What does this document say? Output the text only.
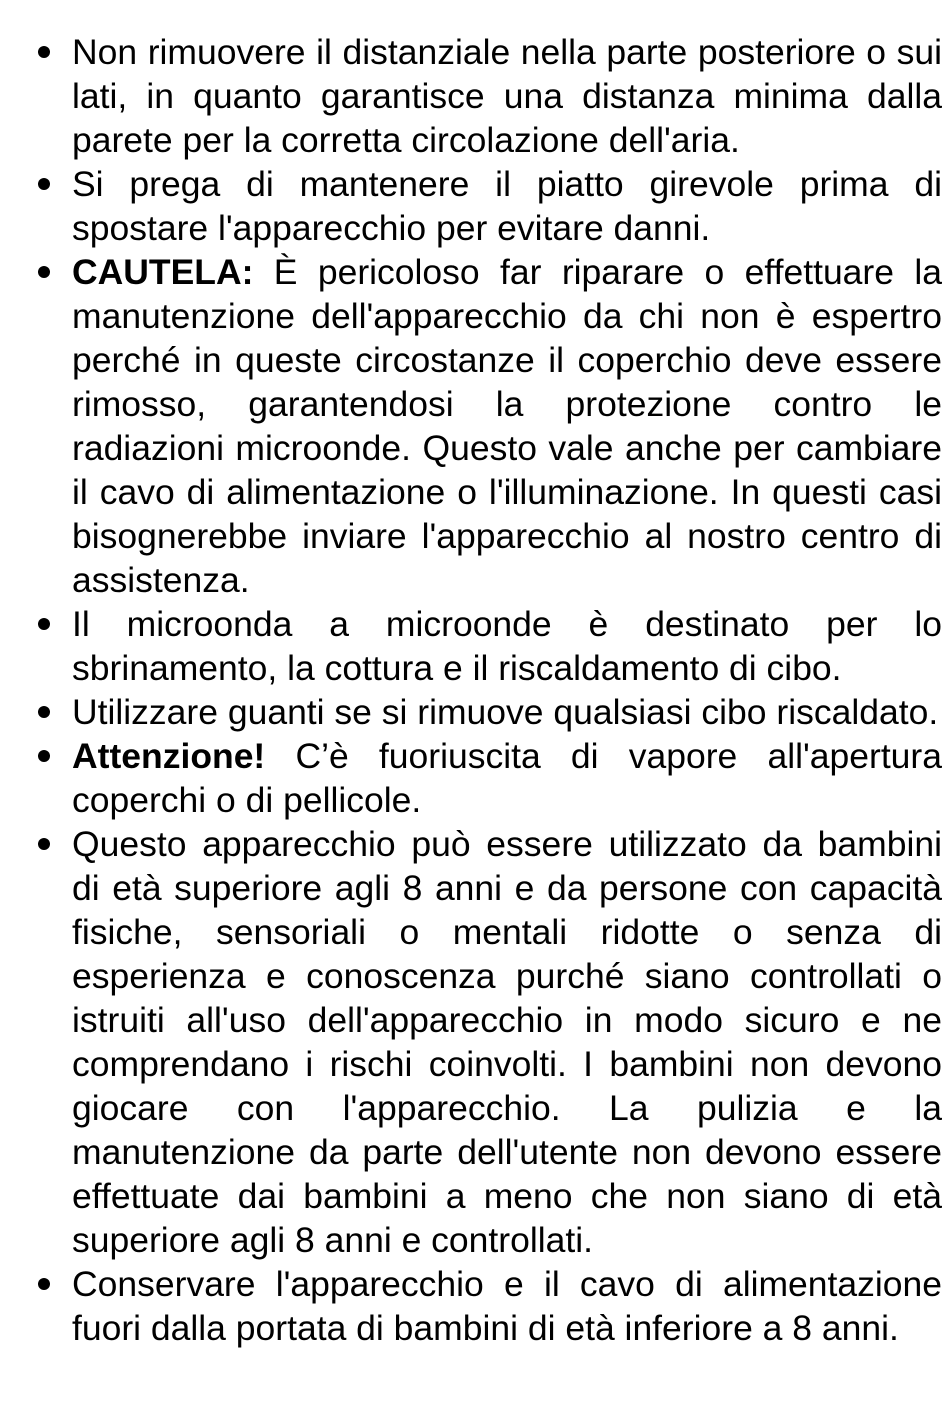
Non rimuovere il distanziale nella parte posteriore o sui lati, in quanto garantisce una distanza minima dalla parete per la corretta circolazione dell'aria.
Si prega di mantenere il piatto girevole prima di spostare l'apparecchio per evitare danni.
CAUTELA: È pericoloso far riparare o effettuare la manutenzione dell'apparecchio da chi non è espertro perché in queste circostanze il coperchio deve essere rimosso, garantendosi la protezione contro le radiazioni microonde. Questo vale anche per cambiare il cavo di alimentazione o l'illuminazione. In questi casi bisognerebbe inviare l'apparecchio al nostro centro di assistenza.
Il microonda a microonde è destinato per lo sbrinamento, la cottura e il riscaldamento di cibo.
Utilizzare guanti se si rimuove qualsiasi cibo riscaldato.
Attenzione! C’è fuoriuscita di vapore all'apertura coperchi o di pellicole.
Questo apparecchio può essere utilizzato da bambini di età superiore agli 8 anni e da persone con capacità fisiche, sensoriali o mentali ridotte o senza di esperienza e conoscenza purché siano controllati o istruiti all'uso dell'apparecchio in modo sicuro e ne comprendano i rischi coinvolti. I bambini non devono giocare con l'apparecchio. La pulizia e la manutenzione da parte dell'utente non devono essere effettuate dai bambini a meno che non siano di età superiore agli 8 anni e controllati.
Conservare l'apparecchio e il cavo di alimentazione fuori dalla portata di bambini di età inferiore a 8 anni.
